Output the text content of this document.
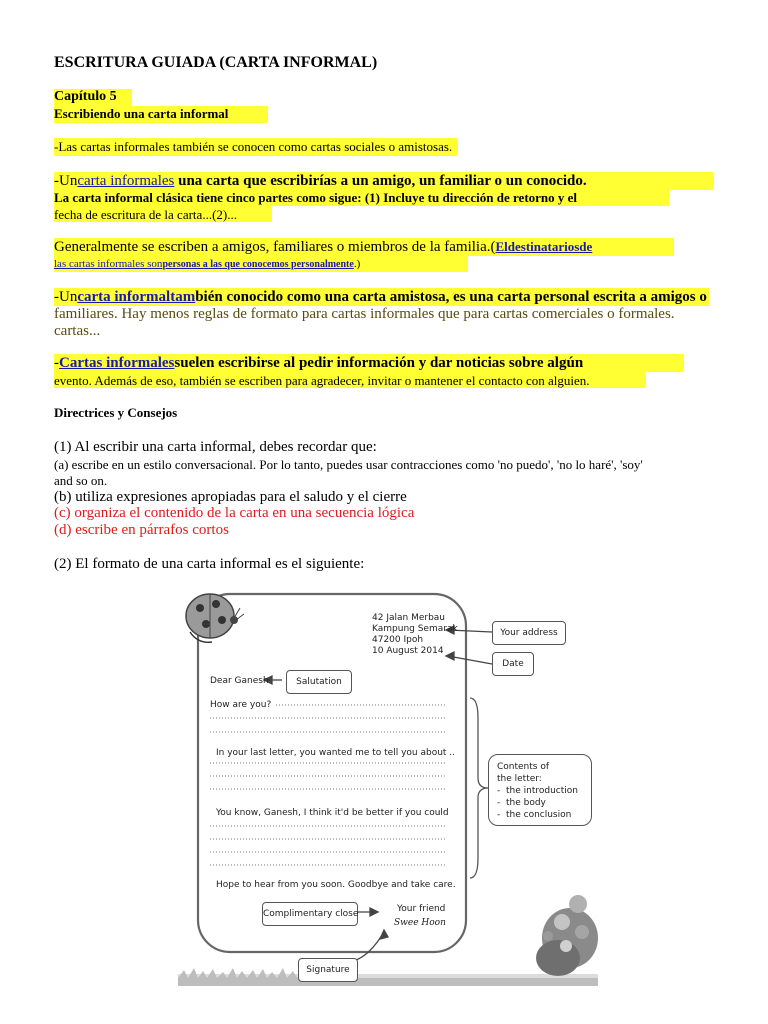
ESCRITURA GUIADA (CARTA INFORMAL)
Capítulo 5
Escribiendo una carta informal
-Las cartas informales también se conocen como cartas sociales o amistosas.
-Uncarta informales una carta que escribirías a un amigo, un familiar o un conocido.
La carta informal clásica tiene cinco partes como sigue: (1) Incluye tu dirección de retorno y el
fecha de escritura de la carta...(2)...
Generalmente se escriben a amigos, familiares o miembros de la familia.(Eldestinatariosde
las cartas informales sonpersonas a las que conocemos personalmente.)
-Uncarta informaltambién conocido como una carta amistosa, es una carta personal escrita a amigos o
familiares. Hay menos reglas de formato para cartas informales que para cartas comerciales o formales.
cartas...
-Cartas informalessuelen escribirse al pedir información y dar noticias sobre algún
evento. Además de eso, también se escriben para agradecer, invitar o mantener el contacto con alguien.
Directrices y Consejos
(1) Al escribir una carta informal, debes recordar que:
(a) escribe en un estilo conversacional. Por lo tanto, puedes usar contracciones como 'no puedo', 'no lo haré', 'soy'
and so on.
(b) utiliza expresiones apropiadas para el saludo y el cierre
(c) organiza el contenido de la carta en una secuencia lógica
(d) escribe en párrafos cortos
(2) El formato de una carta informal es el siguiente:
42 Jalan Merbau
Kampung Semarak
47200 Ipoh
10 August 2014
Your address
Date
Salutation
Contents of the letter:
-  the introduction
-  the body
-  the conclusion
Complimentary close
Signature
Dear Ganesh
How are you?
In your last letter, you wanted me to tell you about ..
You know, Ganesh, I think it'd be better if you could
Hope to hear from you soon. Goodbye and take care.
Your friend
Swee Hoon
